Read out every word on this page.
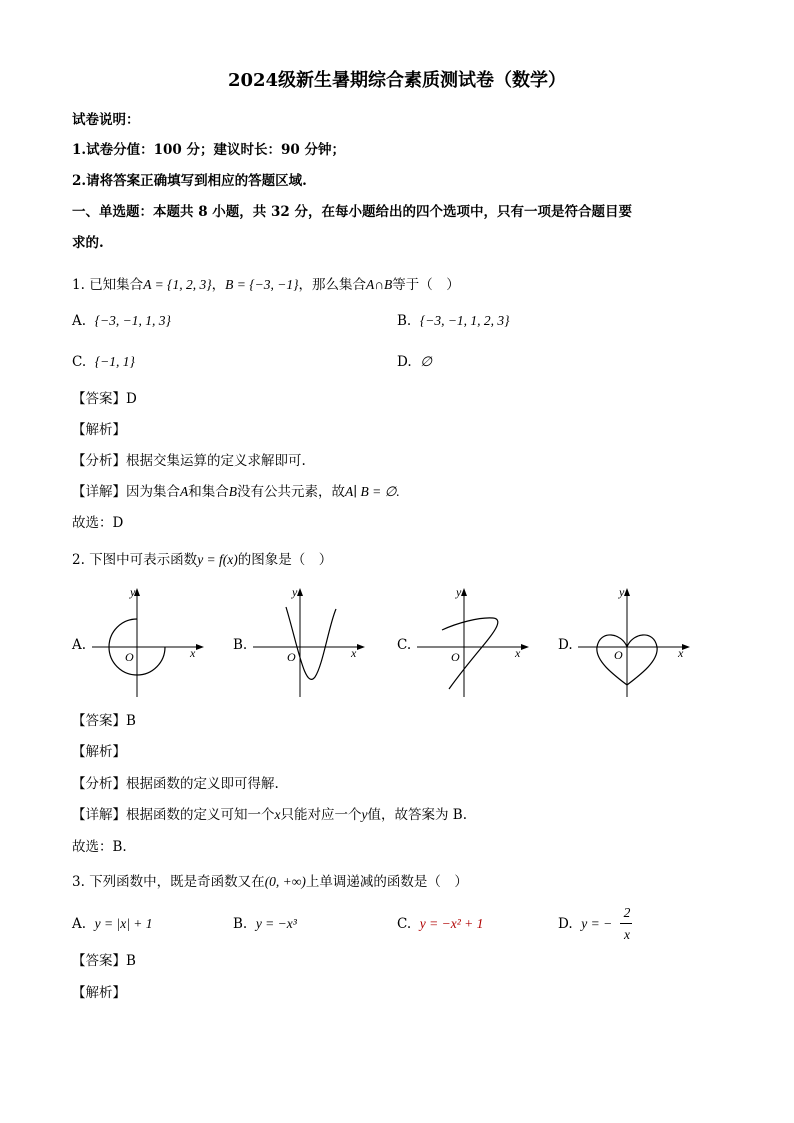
2024级新生暑期综合素质测试卷（数学）
试卷说明：
1.试卷分值：100 分；建议时长：90 分钟；
2.请将答案正确填写到相应的答题区域.
一、单选题：本题共 8 小题，共 32 分，在每小题给出的四个选项中，只有一项是符合题目要
求的.
1. 已知集合A = {1, 2, 3}，B = {−3, −1}，那么集合A∩B等于（　）
A. {−3, −1, 1, 3}	B. {−3, −1, 1, 2, 3}
C. {−1, 1}	D. ∅
【答案】D
【解析】
【分析】根据交集运算的定义求解即可.
【详解】因为集合A和集合B没有公共元素，故A∣ B = ∅.
故选：D
2. 下图中可表示函数y = f(x)的图象是（　）
A.
O
y
x	B.
O
y
x	C.
O
y
x	D.
O
y
x
【答案】B
【解析】
【分析】根据函数的定义即可得解.
【详解】根据函数的定义可知一个x只能对应一个y值，故答案为 B.
故选：B.
3. 下列函数中，既是奇函数又在(0, +∞)上单调递减的函数是（　）
A. y = |x| + 1	B. y = −x³	C. y = −x² + 1	D. y = −
2
x
【答案】B
【解析】
